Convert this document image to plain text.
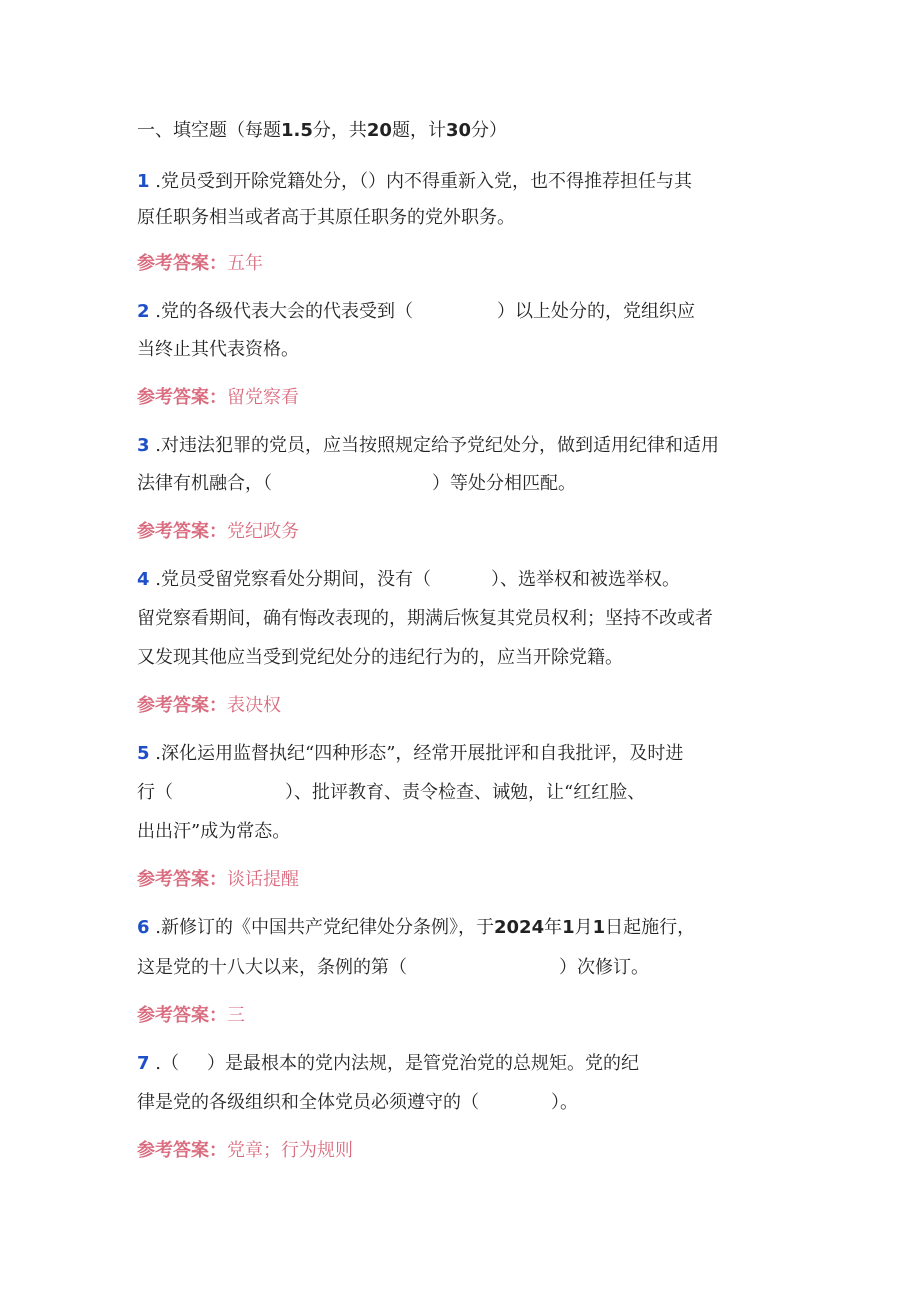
一、填空题（每题1.5分，共20题，计30分）
1 .党员受到开除党籍处分，（）内不得重新入党，也不得推荐担任与其
原任职务相当或者高于其原任职务的党外职务。
参考答案：五年
2 .党的各级代表大会的代表受到（	）以上处分的，党组织应
当终止其代表资格。
参考答案：留党察看
3 .对违法犯罪的党员，应当按照规定给予党纪处分，做到适用纪律和适用
法律有机融合，（	）等处分相匹配。
参考答案：党纪政务
4 .党员受留党察看处分期间，没有（	）、选举权和被选举权。
留党察看期间，确有悔改表现的，期满后恢复其党员权利；坚持不改或者
又发现其他应当受到党纪处分的违纪行为的，应当开除党籍。
参考答案：表决权
5 .深化运用监督执纪“四种形态”，经常开展批评和自我批评，及时进
行（	）、批评教育、责令检查、诫勉，让“红红脸、
出出汗”成为常态。
参考答案：谈话提醒
6 .新修订的《中国共产党纪律处分条例》，于2024年1月1日起施行，
这是党的十八大以来，条例的第（	）次修订。
参考答案：三
7 .（ ）是最根本的党内法规，是管党治党的总规矩。党的纪
律是党的各级组织和全体党员必须遵守的（	）。
参考答案：党章；行为规则
